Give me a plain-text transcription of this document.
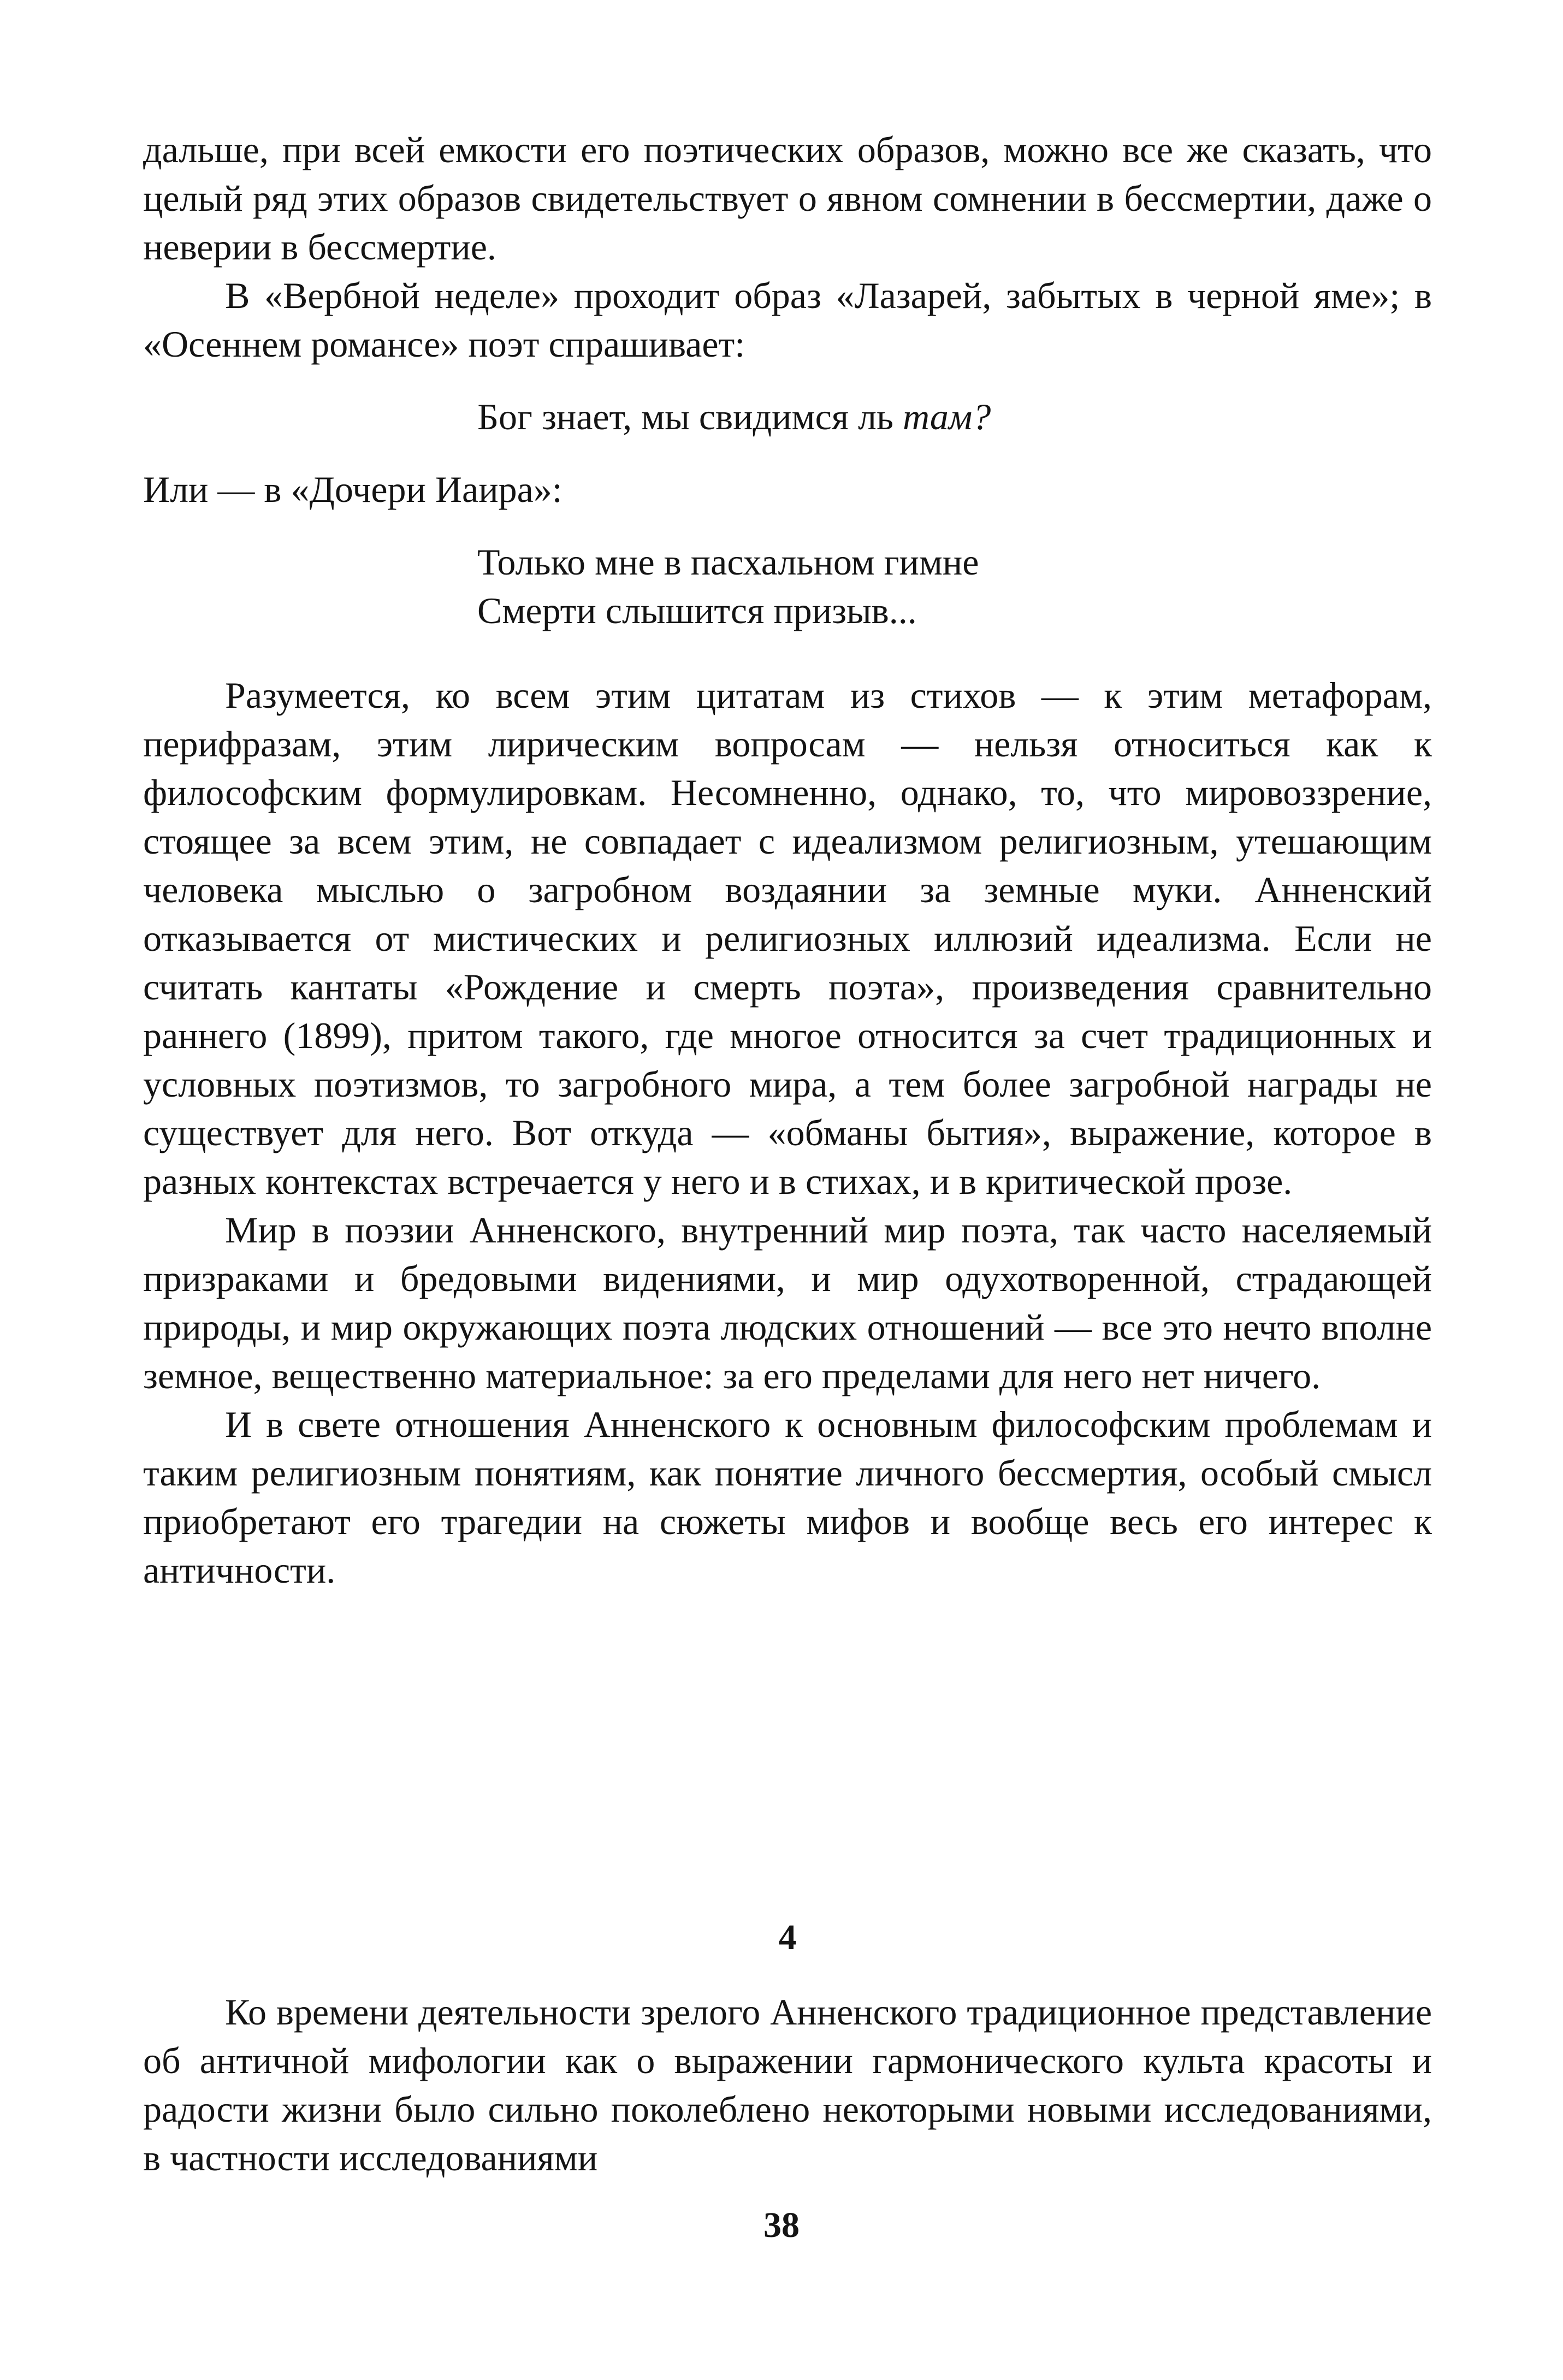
дальше, при всей емкости его поэтических образов, можно все же сказать, что целый ряд этих образов свидетельствует о явном сомнении в бессмертии, даже о неверии в бессмертие.

В «Вербной неделе» проходит образ «Лазарей, забытых в черной яме»; в «Осеннем романсе» поэт спрашивает:

Бог знает, мы свидимся ль там?

Или — в «Дочери Иаира»:

Только мне в пасхальном гимне
Смерти слышится призыв...

Разумеется, ко всем этим цитатам из стихов — к этим метафорам, перифразам, этим лирическим вопросам — нельзя относиться как к философским формулировкам. Несомненно, однако, то, что мировоззрение, стоящее за всем этим, не совпадает с идеализмом религиозным, утешающим человека мыслью о загробном воздаянии за земные муки. Анненский отказывается от мистических и религиозных иллюзий идеализма. Если не считать кантаты «Рождение и смерть поэта», произведения сравнительно раннего (1899), притом такого, где многое относится за счет традиционных и условных поэтизмов, то загробного мира, а тем более загробной награды не существует для него. Вот откуда — «обманы бытия», выражение, которое в разных контекстах встречается у него и в стихах, и в критической прозе.

Мир в поэзии Анненского, внутренний мир поэта, так часто населяемый призраками и бредовыми видениями, и мир одухотворенной, страдающей природы, и мир окружающих поэта людских отношений — все это нечто вполне земное, вещественно материальное: за его пределами для него нет ничего.

И в свете отношения Анненского к основным философским проблемам и таким религиозным понятиям, как понятие личного бессмертия, особый смысл приобретают его трагедии на сюжеты мифов и вообще весь его интерес к античности.

4

Ко времени деятельности зрелого Анненского традиционное представление об античной мифологии как о выражении гармонического культа красоты и радости жизни было сильно поколеблено некоторыми новыми исследованиями, в частности исследованиями

38
